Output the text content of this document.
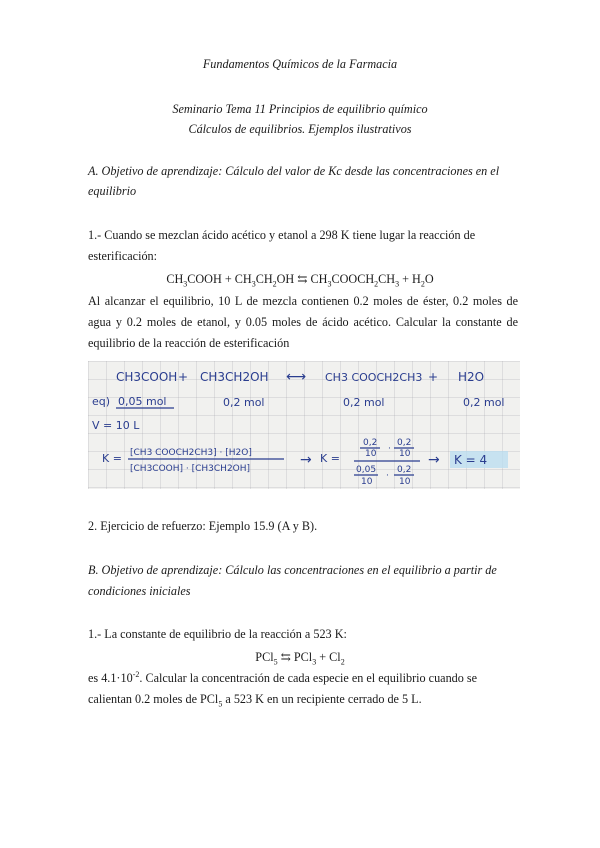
Fundamentos Químicos de la Farmacia
Seminario Tema 11 Principios de equilibrio químico
Cálculos de equilibrios. Ejemplos ilustrativos
A. Objetivo de aprendizaje: Cálculo del valor de Kc desde las concentraciones en el
equilibrio
1.- Cuando se mezclan ácido acético y etanol a 298 K tiene lugar la reacción de
esterificación:
$CH_3COOH + CH_3CH_2OH$ ⇆ $CH_3COOCH_2CH_3 + H_2O$
Al alcanzar el equilibrio, 10 L de mezcla contienen 0.2 moles de éster, 0.2 moles de agua y 0.2 moles de etanol, y 0.05 moles de ácido acético. Calcular la constante de equilibrio de la reacción de esterificación
CH3COOH + CH3CH2OH ⟷ CH3 COOCH2CH3 + H2O
eq) 0,05 mol	0,2 mol	0,2 mol	0,2 mol
V = 10 L
K = [CH3 COOCH2CH3] · [H2O]
[CH3COOH] · [CH3CH2OH]
→ K =
0,2
10 ·
0,2
10
0,05
10
·
0,2
10
→ K = 4
2. Ejercicio de refuerzo: Ejemplo 15.9 (A y B).
B. Objetivo de aprendizaje: Cálculo las concentraciones en el equilibrio a partir de
condiciones iniciales
1.- La constante de equilibrio de la reacción a 523 K:
PCl$_5$ ⇆ $PCl_3 + Cl_2$
es $4.1\cdot 10^{-2}$. Calcular la concentración de cada especie en el equilibrio cuando se
calientan 0.2 moles de PCl$_5$ a 523 K en un recipiente cerrado de 5 L.
